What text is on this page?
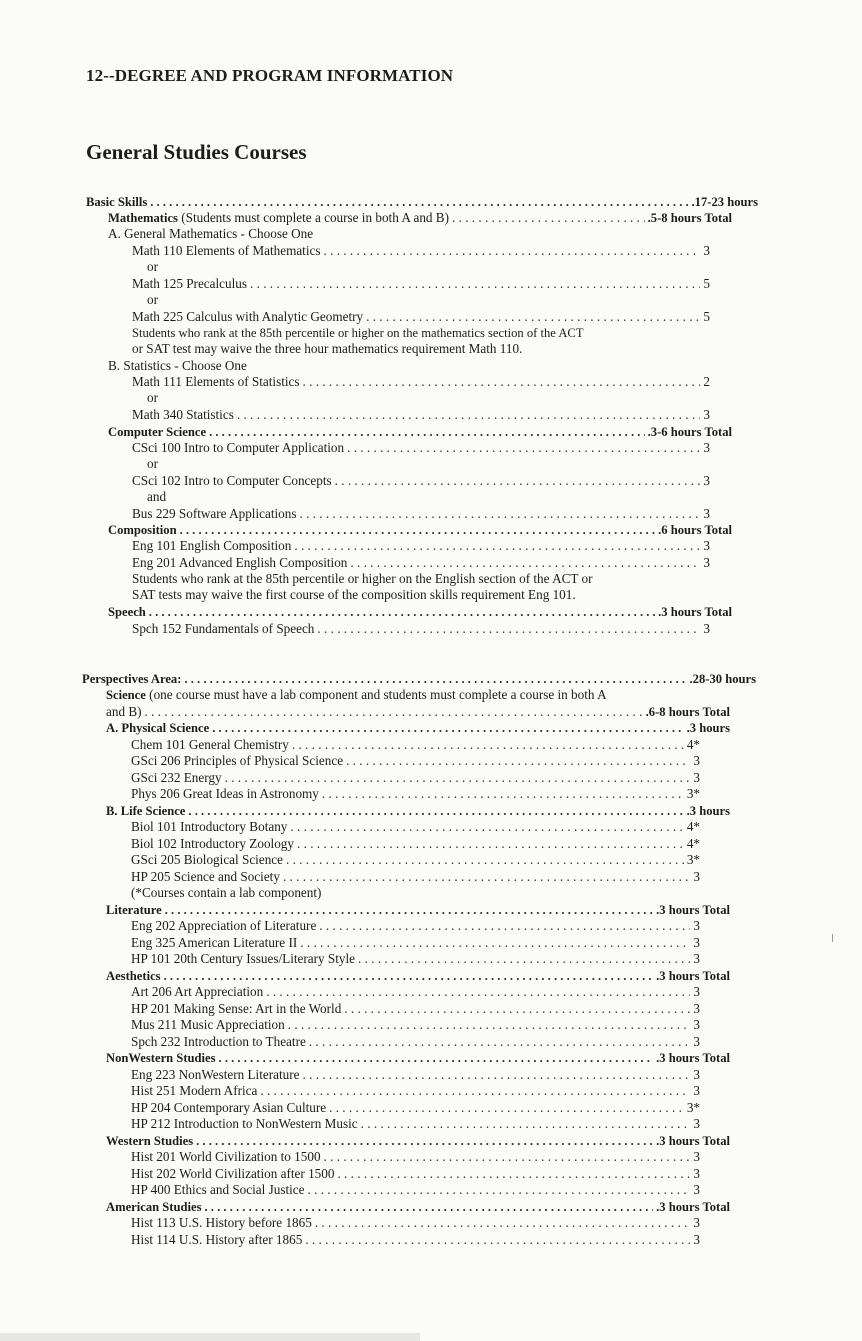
12--DEGREE AND PROGRAM INFORMATION
General Studies Courses
Basic Skills . . .	.17-23 hours
Mathematics (Students must complete a course in both A and B) . . .	.5-8 hours Total
A. General Mathematics - Choose One
Math 110 Elements of Mathematics . . .	3
or
Math 125 Precalculus . . .	5
or
Math 225 Calculus with Analytic Geometry . . .	5
Students who rank at the 85th percentile or higher on the mathematics section of the ACT
or SAT test may waive the three hour mathematics requirement Math 110.
B. Statistics - Choose One
Math 111 Elements of Statistics . . .	2
or
Math 340 Statistics . . .	3
Computer Science . . .	.3-6 hours Total
CSci 100 Intro to Computer Application . . .	3
or
CSci 102 Intro to Computer Concepts . . .	3
and
Bus 229 Software Applications . . .	3
Composition . . .	.6 hours Total
Eng 101 English Composition . . .	3
Eng 201 Advanced English Composition . . .	3
Students who rank at the 85th percentile or higher on the English section of the ACT or
SAT tests may waive the first course of the composition skills requirement Eng 101.
Speech . . .	.3 hours Total
Spch 152 Fundamentals of Speech . . .	3
Perspectives Area: . . .	.28-30 hours
Science (one course must have a lab component and students must complete a course in both A
and B) . . .	.6-8 hours Total
A. Physical Science . . .	.3 hours
Chem 101 General Chemistry . . .	4*
GSci 206 Principles of Physical Science . . .	3
GSci 232 Energy . . .	3
Phys 206 Great Ideas in Astronomy . . .	3*
B. Life Science . . .	.3 hours
Biol 101 Introductory Botany . . .	4*
Biol 102 Introductory Zoology . . .	4*
GSci 205 Biological Science . . .	3*
HP 205 Science and Society . . .	3
(*Courses contain a lab component)
Literature . . .	.3 hours Total
Eng 202 Appreciation of Literature . . .	3
Eng 325 American Literature II . . .	3
HP 101 20th Century Issues/Literary Style . . .	3
Aesthetics . . .	.3 hours Total
Art 206 Art Appreciation . . .	3
HP 201 Making Sense: Art in the World . . .	3
Mus 211 Music Appreciation . . .	3
Spch 232 Introduction to Theatre . . .	3
NonWestern Studies . . .	.3 hours Total
Eng 223 NonWestern Literature . . .	3
Hist 251 Modern Africa . . .	3
HP 204 Contemporary Asian Culture . . .	3*
HP 212 Introduction to NonWestern Music . . .	3
Western Studies . . .	.3 hours Total
Hist 201 World Civilization to 1500 . . .	3
Hist 202 World Civilization after 1500 . . .	3
HP 400 Ethics and Social Justice . . .	3
American Studies . . .	.3 hours Total
Hist 113 U.S. History before 1865 . . .	3
Hist 114 U.S. History after 1865 . . .	3
